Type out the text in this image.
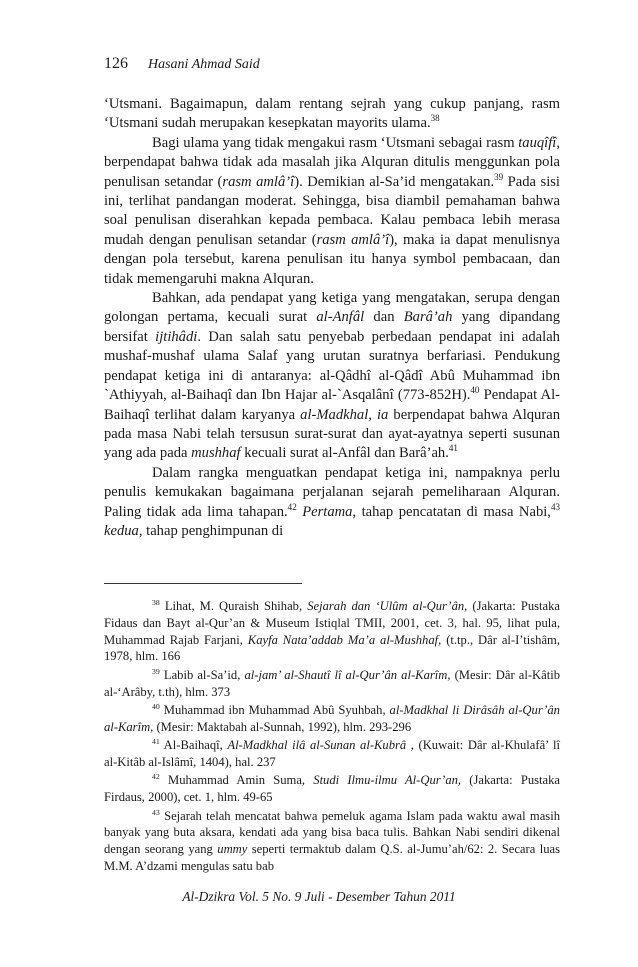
126 Hasani Ahmad Said

‘Utsmani. Bagaimapun, dalam rentang sejrah yang cukup panjang, rasm ‘Utsmani sudah merupakan kesepkatan mayorits ulama.$^{38}$

Bagi ulama yang tidak mengakui rasm ‘Utsmani sebagai rasm tauqîfî, berpendapat bahwa tidak ada masalah jika Alquran ditulis menggunkan pola penulisan setandar (rasm amlâ’î). Demikian al-Sa’id mengatakan.$^{39}$ Pada sisi ini, terlihat pandangan moderat. Sehingga, bisa diambil pemahaman bahwa soal penulisan diserahkan kepada pembaca. Kalau pembaca lebih merasa mudah dengan penulisan setandar (rasm amlâ’î), maka ia dapat menulisnya dengan pola tersebut, karena penulisan itu hanya symbol pembacaan, dan tidak memengaruhi makna Alquran.

Bahkan, ada pendapat yang ketiga yang mengatakan, serupa dengan golongan pertama, kecuali surat al-Anfâl dan Barâ’ah yang dipandang bersifat ijtihâdi. Dan salah satu penyebab perbedaan pendapat ini adalah mushaf-mushaf ulama Salaf yang urutan suratnya berfariasi. Pendukung pendapat ketiga ini di antaranya: al-Qâdhî al-Qâdî Abû Muhammad ibn `Athiyyah, al-Baihaqî dan Ibn Hajar al-`Asqalânî (773-852H).$^{40}$ Pendapat Al-Baihaqî terlihat dalam karyanya al-Madkhal, ia berpendapat bahwa Alquran pada masa Nabi telah tersusun surat-surat dan ayat-ayatnya seperti susunan yang ada pada mushhaf kecuali surat al-Anfâl dan Barâ’ah.$^{41}$

Dalam rangka menguatkan pendapat ketiga ini, nampaknya perlu penulis kemukakan bagaimana perjalanan sejarah pemeliharaan Alquran. Paling tidak ada lima tahapan.$^{42}$ Pertama, tahap pencatatan di masa Nabi,$^{43}$ kedua, tahap penghimpunan di

$^{38}$ Lihat, M. Quraish Shihab, Sejarah dan ‘Ulûm al-Qur’ân, (Jakarta: Pustaka Fidaus dan Bayt al-Qur’an & Museum Istiqlal TMII, 2001, cet. 3, hal. 95, lihat pula, Muhammad Rajab Farjani, Kayfa Nata’addab Ma’a al-Mushhaf, (t.tp., Dâr al-I’tishâm, 1978, hlm. 166

$^{39}$ Labib al-Sa’id, al-jam’ al-Shautî lî al-Qur’ân al-Karîm, (Mesir: Dâr al-Kâtib al-‘Arâby, t.th), hlm. 373

$^{40}$ Muhammad ibn Muhammad Abû Syuhbah, al-Madkhal li Dirâsâh al-Qur’ân al-Karîm, (Mesir: Maktabah al-Sunnah, 1992), hlm. 293-296

$^{41}$ Al-Baihaqî, Al-Madkhal ilâ al-Sunan al-Kubrâ , (Kuwait: Dâr al-Khulafâ’ lî al-Kitâb al-Islâmî, 1404), hal. 237

$^{42}$ Muhammad Amin Suma, Studi Ilmu-ilmu Al-Qur’an, (Jakarta: Pustaka Firdaus, 2000), cet. 1, hlm. 49-65

$^{43}$ Sejarah telah mencatat bahwa pemeluk agama Islam pada waktu awal masih banyak yang buta aksara, kendati ada yang bisa baca tulis. Bahkan Nabi sendiri dikenal dengan seorang yang ummy seperti termaktub dalam Q.S. al-Jumu’ah/62: 2. Secara luas M.M. A’dzami mengulas satu bab

Al-Dzikra Vol. 5 No. 9 Juli - Desember Tahun 2011
